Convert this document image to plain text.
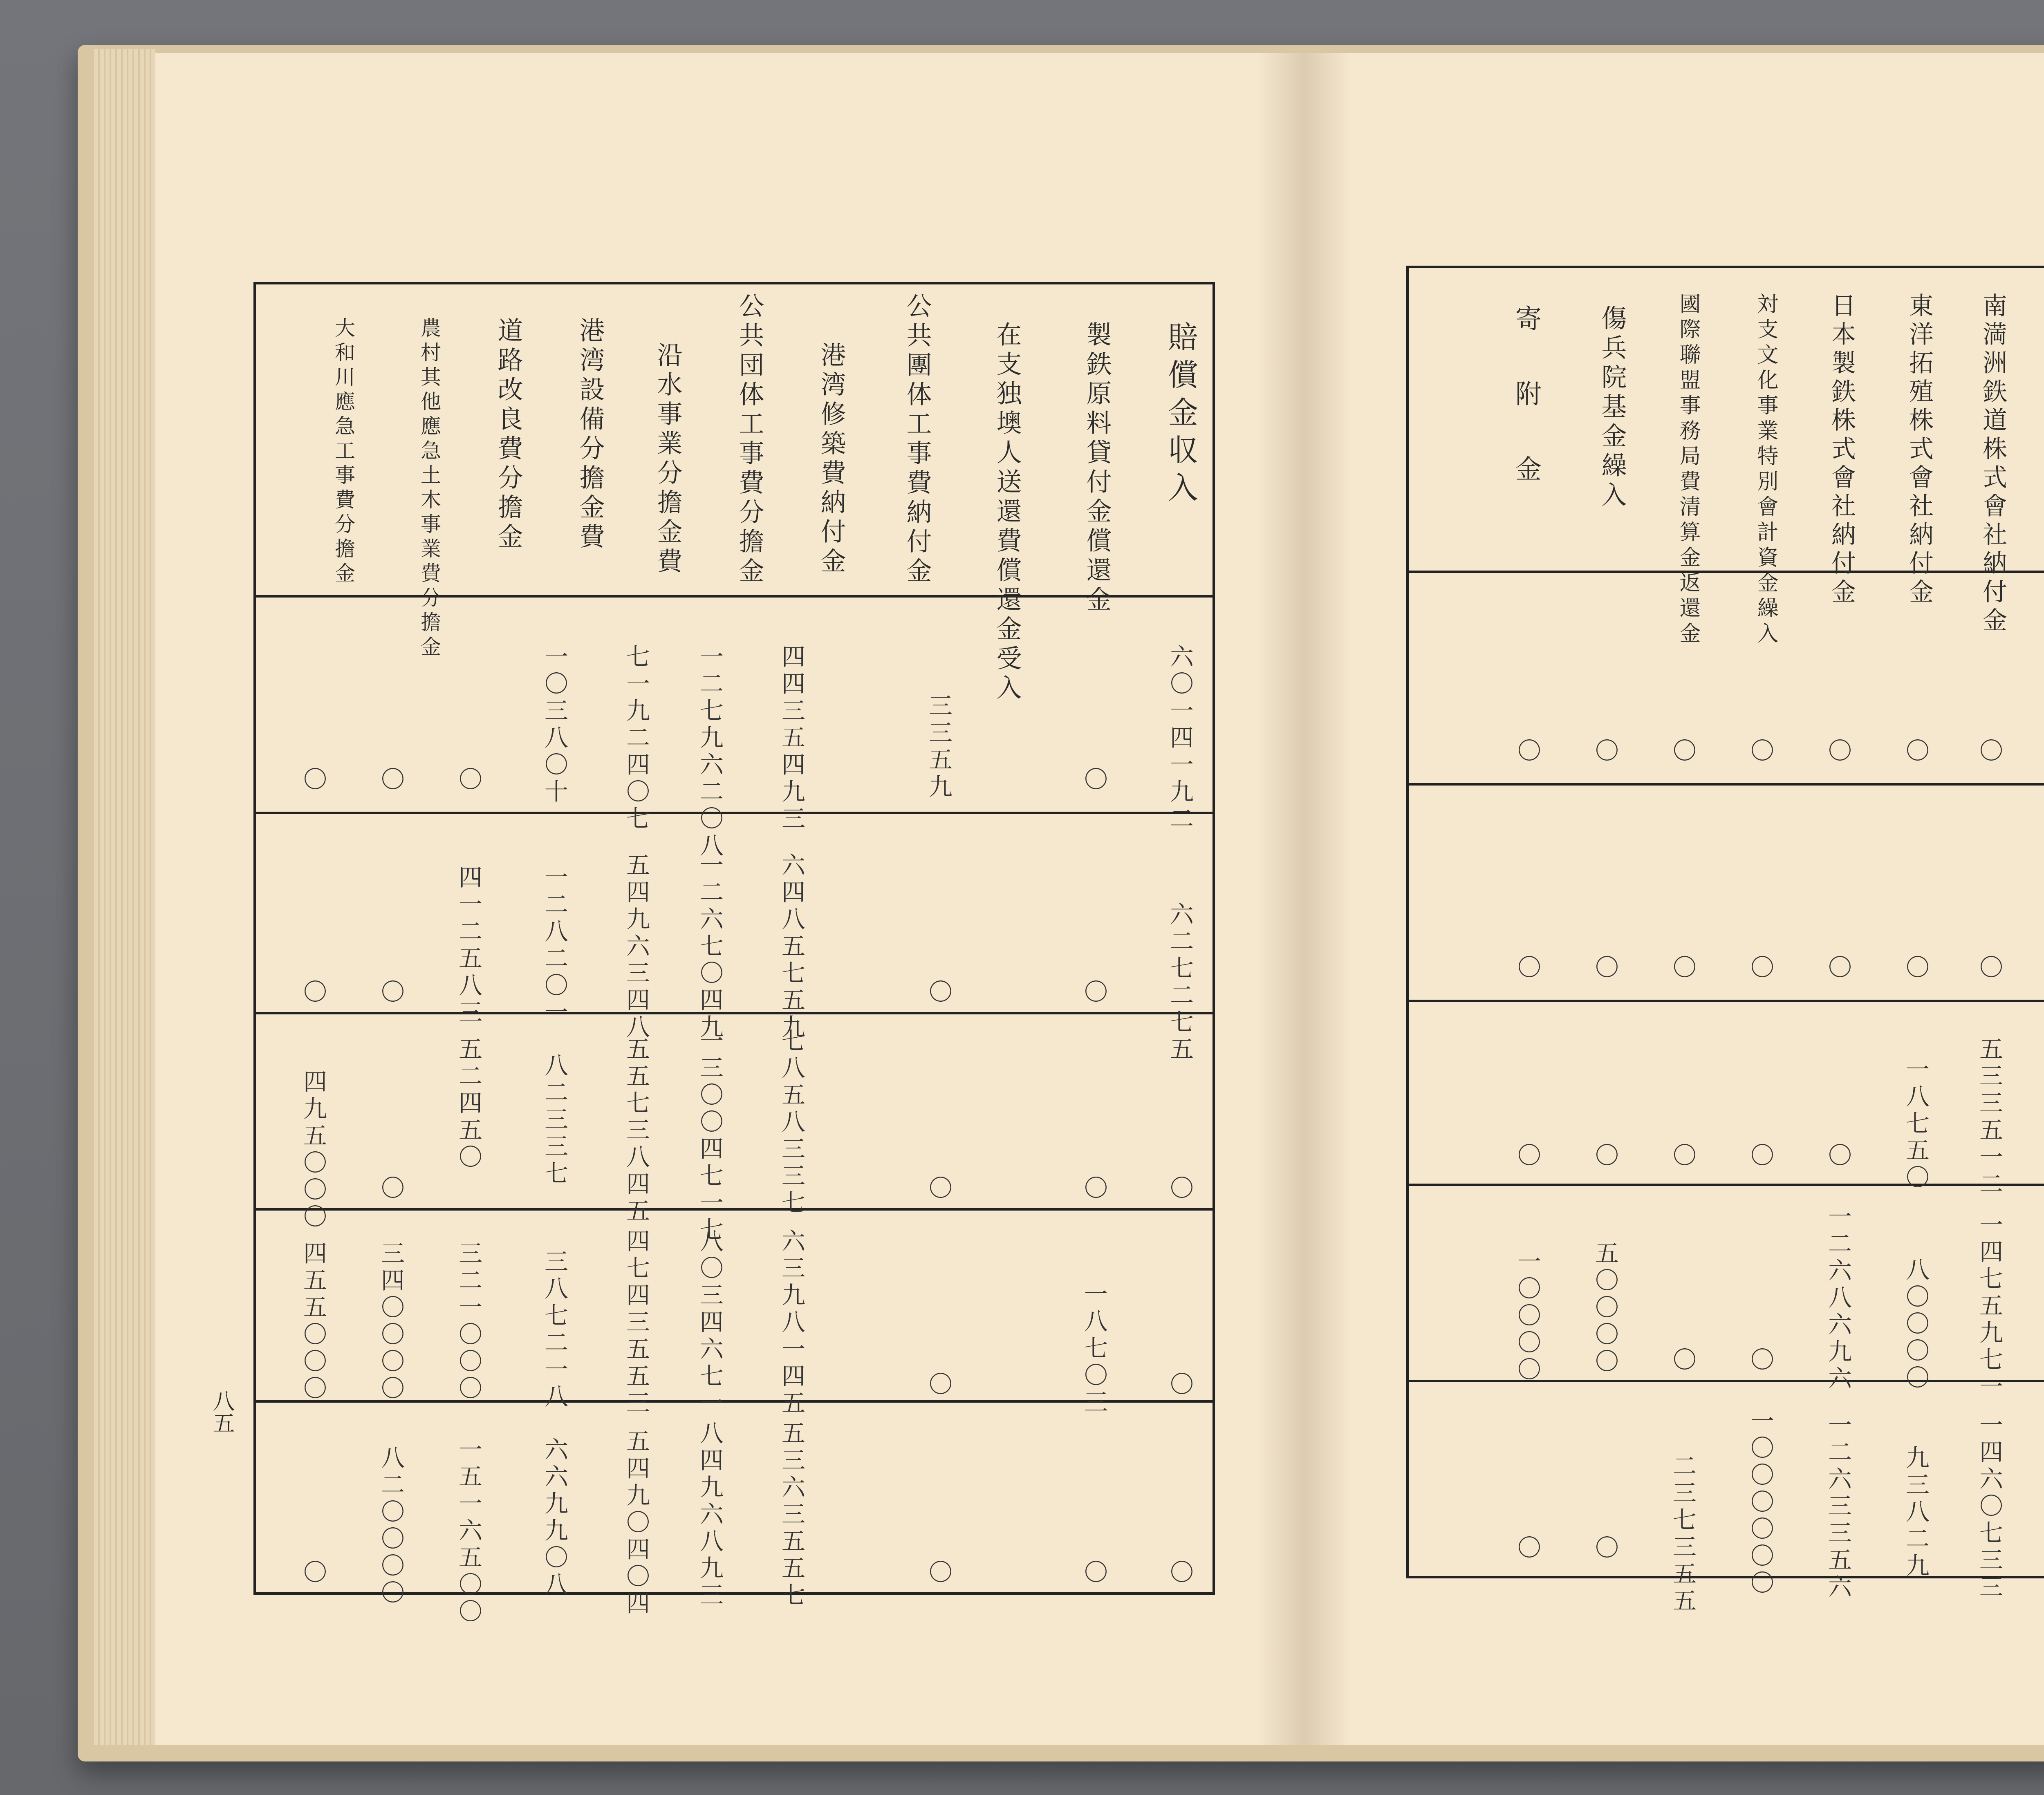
賠償金収入
製鉄原料貸付金償還金
在支独墺人送還費償還金受入
公共團体工事費納付金
港湾修築費納付金
公共団体工事費分擔金
沿水事業分擔金費
港湾設備分擔金費
道路改良費分擔金
農村其他應急土木事業費分擔金
大和川應急工事費分擔金
六〇一四一九二
〇
三三五九
四四三五四九三
一二七九六二〇八
七一九二四〇七
一〇三八〇十
〇
〇
〇
六二七二七五
〇
〇
六四八五七五九
一二六七〇四九
五四九六三四八
一二八二〇一
四一二五八三
〇
〇
〇
〇
〇
七八五八三三七
一三〇〇四七一七
五五七三八四五
八二三三七
五二四五〇
〇
四九五〇〇〇
〇
一八七〇三
〇
六三九八一四五
八〇三四六七一
四七四三五五三
三八七二一八
三二一〇〇〇
三四〇〇〇〇
四五五〇〇〇
〇
〇
〇
五三六三五五七
八四九六八九三
五四九〇四〇四
六六九九〇八
一五一六五〇〇
八二〇〇〇〇
〇
八五
南満洲鉄道株式會社納付金
東洋拓殖株式會社納付金
日本製鉄株式會社納付金
対支文化事業特別會計資金繰入
國際聯盟事務局費清算金返還金
傷兵院基金繰入
寄附金
〇
〇
〇
〇
〇
〇
〇
〇
〇
〇
〇
〇
〇
〇
五三三五一二
一八七五〇
〇
〇
〇
〇
〇
一四七五九七一
八〇〇〇〇
一二六八六九六
〇
〇
五〇〇〇〇
一〇〇〇〇
一四六〇七三三
九三八二九
一二六三三五六
一〇〇〇〇〇〇
二三七三五五
〇
〇
